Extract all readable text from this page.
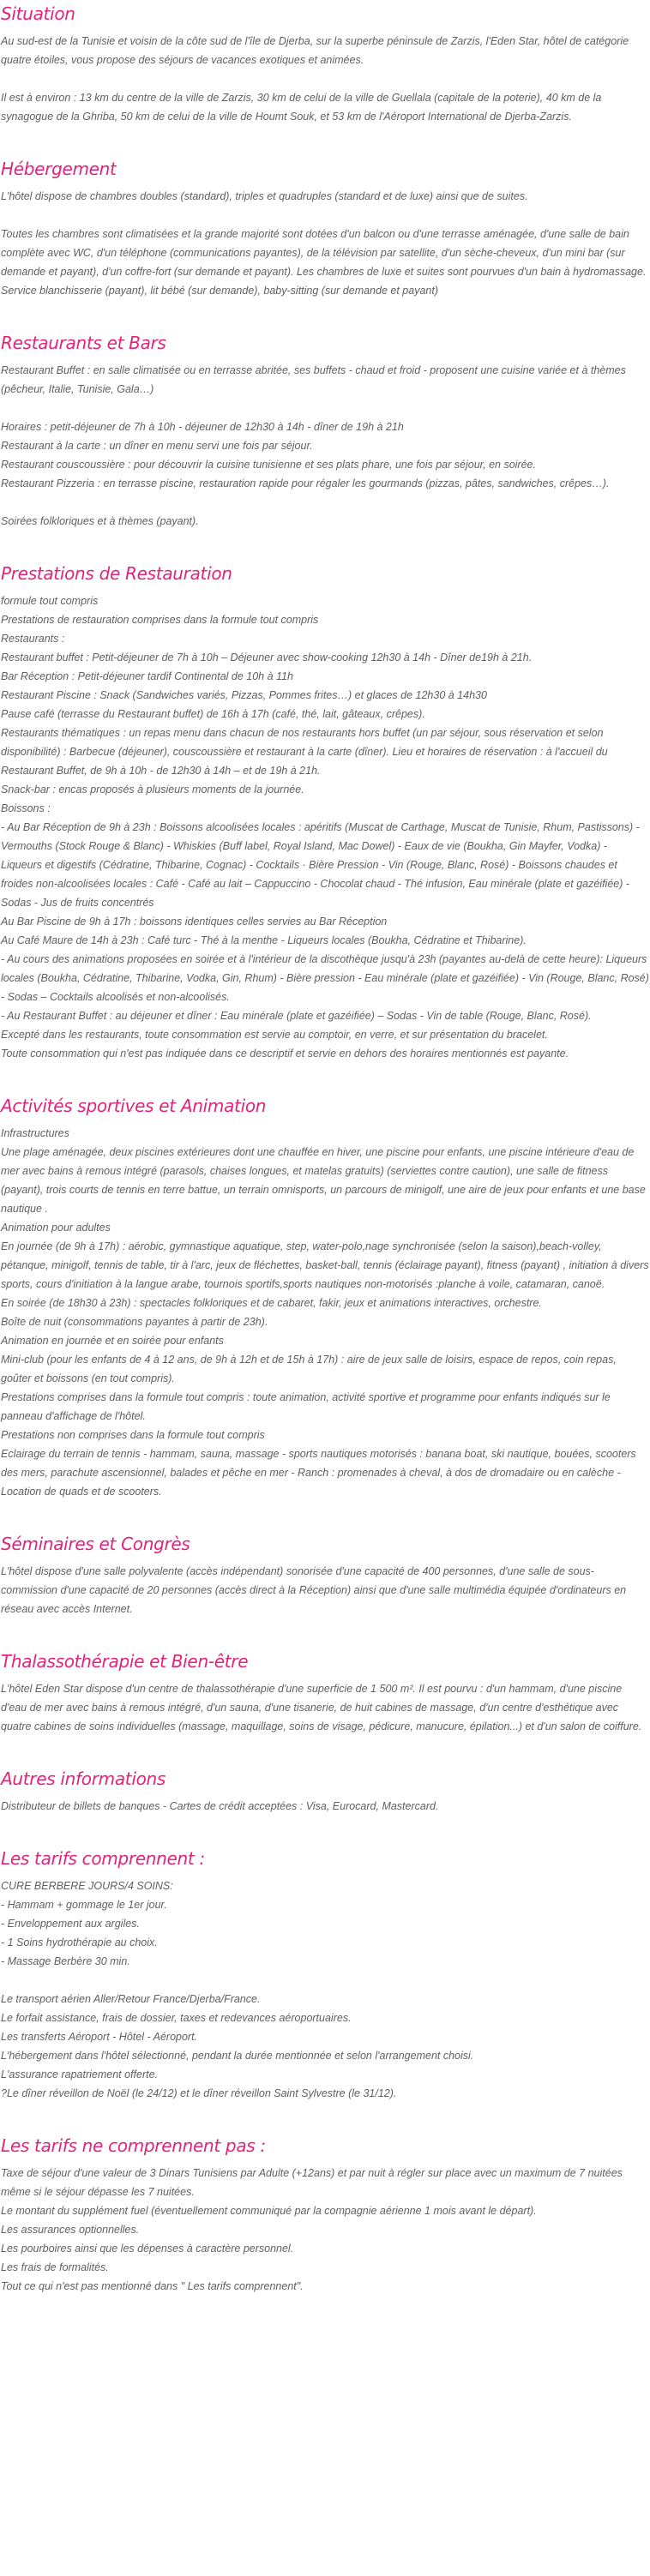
Situation

Au sud-est de la Tunisie et voisin de la côte sud de l'île de Djerba, sur la superbe péninsule de Zarzis, l'Eden Star, hôtel de catégorie quatre étoiles, vous propose des séjours de vacances exotiques et animées.

Il est à environ : 13 km du centre de la ville de Zarzis, 30 km de celui de la ville de Guellala (capitale de la poterie), 40 km de la synagogue de la Ghriba, 50 km de celui de la ville de Houmt Souk, et 53 km de l'Aéroport International de Djerba-Zarzis.

Hébergement

L'hôtel dispose de chambres doubles (standard), triples et quadruples (standard et de luxe) ainsi que de suites.

Toutes les chambres sont climatisées et la grande majorité sont dotées d'un balcon ou d'une terrasse aménagée, d'une salle de bain complète avec WC, d'un téléphone (communications payantes), de la télévision par satellite, d'un sèche-cheveux, d'un mini bar (sur demande et payant), d'un coffre-fort (sur demande et payant). Les chambres de luxe et suites sont pourvues d'un bain à hydromassage. Service blanchisserie (payant), lit bébé (sur demande), baby-sitting (sur demande et payant)

Restaurants et Bars

Restaurant Buffet : en salle climatisée ou en terrasse abritée, ses buffets - chaud et froid - proposent une cuisine variée et à thèmes (pêcheur, Italie, Tunisie, Gala…)

Horaires : petit-déjeuner de 7h à 10h - déjeuner de 12h30 à 14h - dîner de 19h à 21h

Restaurant à la carte : un dîner en menu servi une fois par séjour.

Restaurant couscoussière : pour découvrir la cuisine tunisienne et ses plats phare, une fois par séjour, en soirée.

Restaurant Pizzeria : en terrasse piscine, restauration rapide pour régaler les gourmands (pizzas, pâtes, sandwiches, crêpes…).

Soirées folkloriques et à thèmes (payant).

Prestations de Restauration

formule tout compris

Prestations de restauration comprises dans la formule tout compris

Restaurants :

Restaurant buffet : Petit-déjeuner de 7h à 10h – Déjeuner avec show-cooking 12h30 à 14h - Dîner de19h à 21h.

Bar Réception : Petit-déjeuner tardif Continental de 10h à 11h

Restaurant Piscine : Snack (Sandwiches variés, Pizzas, Pommes frites…) et glaces de 12h30 à 14h30

Pause café (terrasse du Restaurant buffet) de 16h à 17h (café, thé, lait, gâteaux, crêpes).

Restaurants thématiques : un repas menu dans chacun de nos restaurants hors buffet (un par séjour, sous réservation et selon disponibilité) : Barbecue (déjeuner), couscoussière et restaurant à la carte (dîner). Lieu et horaires de réservation : à l'accueil du Restaurant Buffet, de 9h à 10h - de 12h30 à 14h – et de 19h à 21h.

Snack-bar : encas proposés à plusieurs moments de la journée.

Boissons :

- Au Bar Réception de 9h à 23h : Boissons alcoolisées locales : apéritifs (Muscat de Carthage, Muscat de Tunisie, Rhum, Pastissons) - Vermouths (Stock Rouge & Blanc) - Whiskies (Buff label, Royal Island, Mac Dowel) - Eaux de vie (Boukha, Gin Mayfer, Vodka) - Liqueurs et digestifs (Cédratine, Thibarine, Cognac) - Cocktails · Bière Pression - Vin (Rouge, Blanc, Rosé) - Boissons chaudes et froides non-alcoolisées locales : Café - Café au lait – Cappuccino - Chocolat chaud - Thé infusion, Eau minérale (plate et gazéifiée) - Sodas - Jus de fruits concentrés

Au Bar Piscine de 9h à 17h : boissons identiques celles servies au Bar Réception

Au Café Maure de 14h à 23h : Café turc - Thé à la menthe - Liqueurs locales (Boukha, Cédratine et Thibarine).

- Au cours des animations proposées en soirée et à l'intérieur de la discothèque jusqu'à 23h (payantes au-delà de cette heure): Liqueurs locales (Boukha, Cédratine, Thibarine, Vodka, Gin, Rhum) - Bière pression - Eau minérale (plate et gazéifiée) - Vin (Rouge, Blanc, Rosé) - Sodas – Cocktails alcoolisés et non-alcoolisés.

- Au Restaurant Buffet : au déjeuner et dîner : Eau minérale (plate et gazéifiée) – Sodas - Vin de table (Rouge, Blanc, Rosé).

Excepté dans les restaurants, toute consommation est servie au comptoir, en verre, et sur présentation du bracelet.

Toute consommation qui n'est pas indiquée dans ce descriptif et servie en dehors des horaires mentionnés est payante.

Activités sportives et Animation

Infrastructures

Une plage aménagée, deux piscines extérieures dont une chauffée en hiver, une piscine pour enfants, une piscine intérieure d'eau de mer avec bains à remous intégré (parasols, chaises longues, et matelas gratuits) (serviettes contre caution), une salle de fitness (payant), trois courts de tennis en terre battue, un terrain omnisports, un parcours de minigolf, une aire de jeux pour enfants et une base nautique .

Animation pour adultes

En journée (de 9h à 17h) : aérobic, gymnastique aquatique, step, water-polo,nage synchronisée (selon la saison),beach-volley, pétanque, minigolf, tennis de table, tir à l'arc, jeux de fléchettes, basket-ball, tennis (éclairage payant), fitness (payant) , initiation à divers sports, cours d'initiation à la langue arabe, tournois sportifs,sports nautiques non-motorisés :planche à voile, catamaran, canoë.

En soirée (de 18h30 à 23h) : spectacles folkloriques et de cabaret, fakir, jeux et animations interactives, orchestre.

Boîte de nuit (consommations payantes à partir de 23h).

Animation en journée et en soirée pour enfants

Mini-club (pour les enfants de 4 à 12 ans, de 9h à 12h et de 15h à 17h) : aire de jeux salle de loisirs, espace de repos, coin repas, goûter et boissons (en tout compris).

Prestations comprises dans la formule tout compris : toute animation, activité sportive et programme pour enfants indiqués sur le panneau d'affichage de l'hôtel.

Prestations non comprises dans la formule tout compris

Eclairage du terrain de tennis - hammam, sauna, massage - sports nautiques motorisés : banana boat, ski nautique, bouées, scooters des mers, parachute ascensionnel, balades et pêche en mer - Ranch : promenades à cheval, à dos de dromadaire ou en calèche - Location de quads et de scooters.

Séminaires et Congrès

L'hôtel dispose d'une salle polyvalente (accès indépendant) sonorisée d'une capacité de 400 personnes, d'une salle de sous-commission d'une capacité de 20 personnes (accès direct à la Réception) ainsi que d'une salle multimédia équipée d'ordinateurs en réseau avec accès Internet.

Thalassothérapie et Bien-être

L'hôtel Eden Star dispose d'un centre de thalassothérapie d'une superficie de 1 500 m². Il est pourvu : d'un hammam, d'une piscine d'eau de mer avec bains à remous intégré, d'un sauna, d'une tisanerie, de huit cabines de massage, d'un centre d'esthétique avec quatre cabines de soins individuelles (massage, maquillage, soins de visage, pédicure, manucure, épilation...) et d'un salon de coiffure.

Autres informations

Distributeur de billets de banques - Cartes de crédit acceptées : Visa, Eurocard, Mastercard.

Les tarifs comprennent :

CURE BERBERE JOURS/4 SOINS:

- Hammam + gommage le 1er jour.

- Enveloppement aux argiles.

- 1 Soins hydrothérapie au choix.

- Massage Berbère 30 min.

Le transport aérien Aller/Retour France/Djerba/France.

Le forfait assistance, frais de dossier, taxes et redevances aéroportuaires.

Les transferts Aéroport - Hôtel - Aéroport.

L'hébergement dans l'hôtel sélectionné, pendant la durée mentionnée et selon l'arrangement choisi.

L'assurance rapatriement offerte.

?Le dîner réveillon de Noël (le 24/12) et le dîner réveillon Saint Sylvestre (le 31/12).

Les tarifs ne comprennent pas :

Taxe de séjour d'une valeur de 3 Dinars Tunisiens par Adulte (+12ans) et par nuit à régler sur place avec un maximum de 7 nuitées même si le séjour dépasse les 7 nuitées.

Le montant du supplément fuel (éventuellement communiqué par la compagnie aérienne 1 mois avant le départ).

Les assurances optionnelles.

Les pourboires ainsi que les dépenses à caractère personnel.

Les frais de formalités.

Tout ce qui n'est pas mentionné dans " Les tarifs comprennent".
